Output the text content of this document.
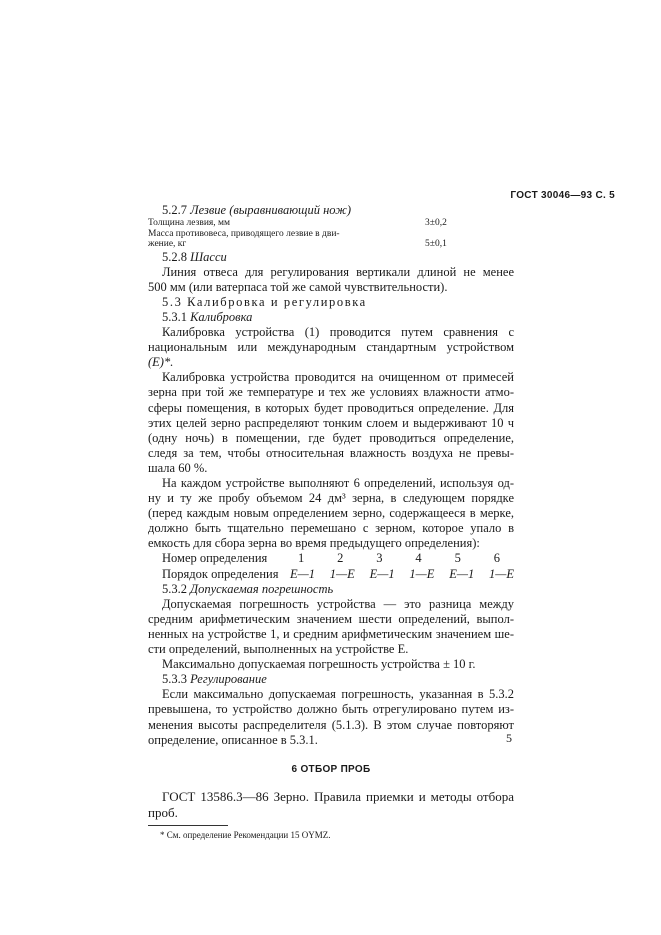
ГОСТ 30046—93 С. 5
5.2.7 Лезвие (выравнивающий нож)
Толщина лезвия, мм	3±0,2
Масса противовеса, приводящего лезвие в дви-
жение, кг	5±0,1
5.2.8 Шасси
Линия отвеса для регулирования вертикали длиной не менее
500 мм (или ватерпаса той же самой чувствительности).
5.3 Калибровка и регулировка
5.3.1 Калибровка
Калибровка устройства (1) проводится путем сравнения с
национальным или международным стандартным устройством
(E)*.
Калибровка устройства проводится на очищенном от примесей
зерна при той же температуре и тех же условиях влажности атмо-
сферы помещения, в которых будет проводиться определение. Для
этих целей зерно распределяют тонким слоем и выдерживают 10 ч
(одну ночь) в помещении, где будет проводиться определение,
следя за тем, чтобы относительная влажность воздуха не превы-
шала 60 %.
На каждом устройстве выполняют 6 определений, используя од-
ну и ту же пробу объемом 24 дм³ зерна, в следующем порядке
(перед каждым новым определением зерно, содержащееся в мерке,
должно быть тщательно перемешано с зерном, которое упало в
емкость для сбора зерна во время предыдущего определения):
Номер определения	1	2	3	4	5	6
Порядок определения E—1 1—E E—1 1—E E—1 1—E
5.3.2 Допускаемая погрешность
Допускаемая погрешность устройства — это разница между
средним арифметическим значением шести определений, выпол-
ненных на устройстве 1, и средним арифметическим значением ше-
сти определений, выполненных на устройстве E.
Максимально допускаемая погрешность устройства ± 10 г.
5.3.3 Регулирование
Если максимально допускаемая погрешность, указанная в 5.3.2
превышена, то устройство должно быть отрегулировано путем из-
менения высоты распределителя (5.1.3). В этом случае повторяют
определение, описанное в 5.3.1.
6 ОТБОР ПРОБ
ГОСТ 13586.3—86 Зерно. Правила приемки и методы отбора
проб.
* См. определение Рекомендации 15 OYMZ.
5
